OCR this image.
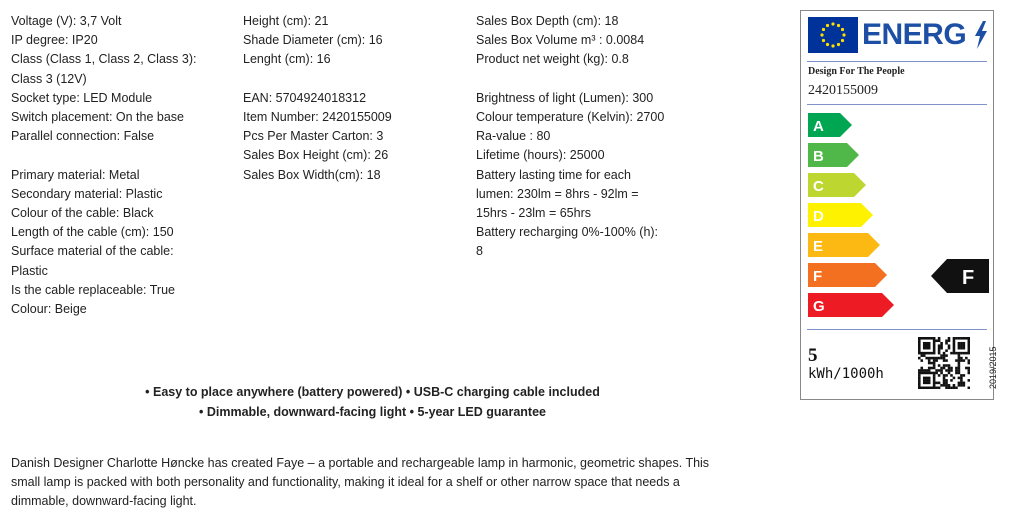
Voltage (V): 3,7 Volt

IP degree: IP20

Class (Class 1, Class 2, Class 3):

Class 3 (12V)

Socket type: LED Module

Switch placement: On the base

Parallel connection: False

Primary material: Metal

Secondary material: Plastic

Colour of the cable: Black

Length of the cable (cm): 150

Surface material of the cable:

Plastic

Is the cable replaceable: True

Colour: Beige

Height (cm): 21

Shade Diameter (cm): 16

Lenght (cm): 16

EAN: 5704924018312

Item Number: 2420155009

Pcs Per Master Carton: 3

Sales Box Height (cm): 26

Sales Box Width(cm): 18

Sales Box Depth (cm): 18

Sales Box Volume m³ : 0.0084

Product net weight (kg): 0.8

Brightness of light (Lumen): 300

Colour temperature (Kelvin): 2700

Ra-value : 80

Lifetime (hours): 25000

Battery lasting time for each

lumen: 230lm = 8hrs - 92lm =

15hrs - 23lm = 65hrs

Battery recharging 0%-100% (h):

8

• Easy to place anywhere (battery powered) • USB-C charging cable included

• Dimmable, downward-facing light • 5-year LED guarantee

Danish Designer Charlotte Høncke has created Faye – a portable and rechargeable lamp in harmonic, geometric shapes. This small lamp is packed with both personality and functionality, making it ideal for a shelf or other narrow space that needs a dimmable, downward-facing light.
ENERG
Design For The People
2420155009
A
B
C
D
E
F
G
F
5
kWh/1000h	2019/2015
